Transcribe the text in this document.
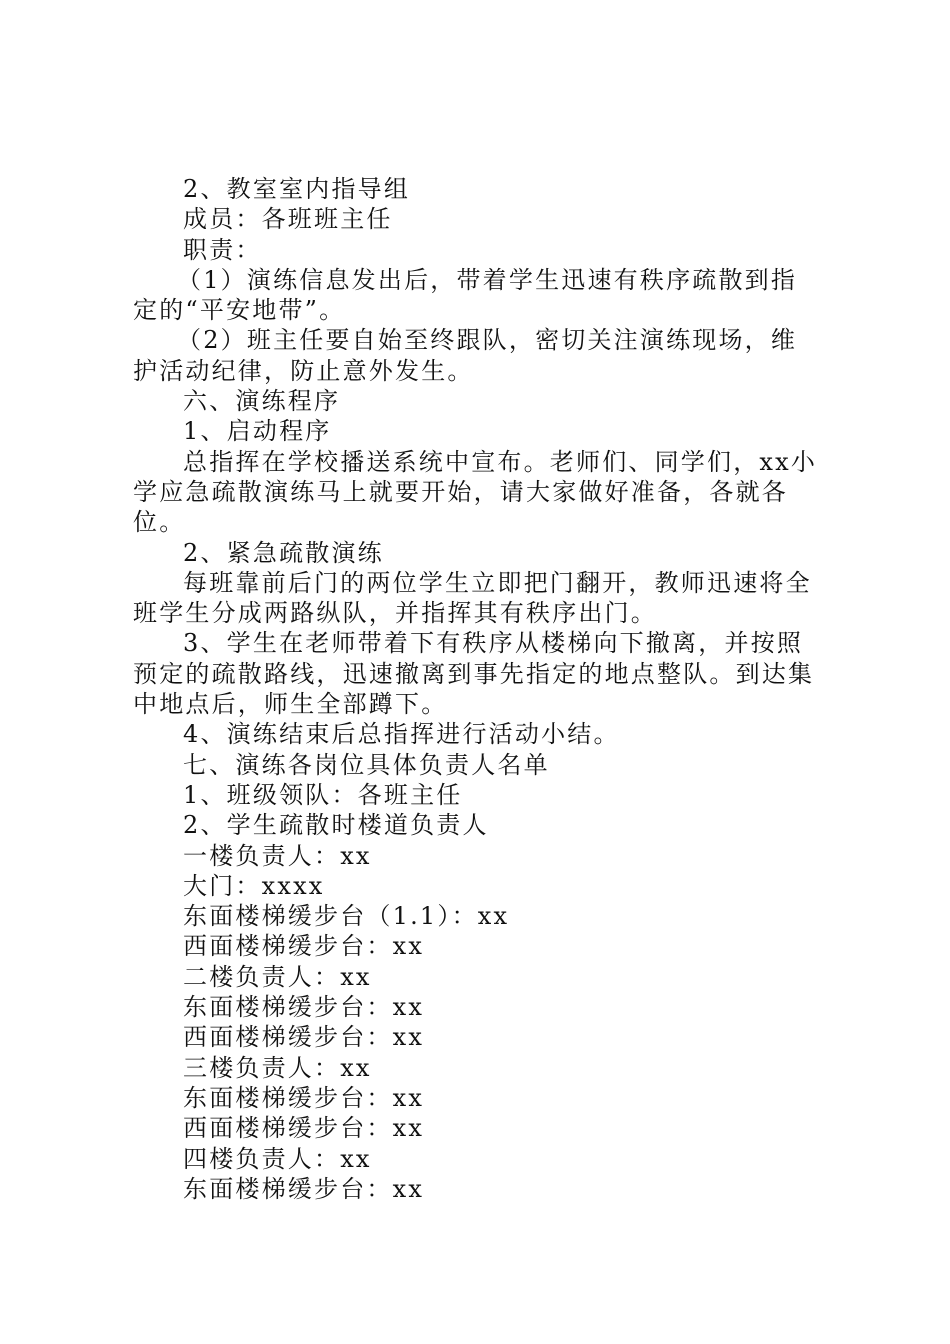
2、教室室内指导组

成员：各班班主任

职责：

（1）演练信息发出后，带着学生迅速有秩序疏散到指定的“平安地带”。

（2）班主任要自始至终跟队，密切关注演练现场，维护活动纪律，防止意外发生。

六、演练程序

1、启动程序

总指挥在学校播送系统中宣布。老师们、同学们，xx小学应急疏散演练马上就要开始，请大家做好准备，各就各位。

2、紧急疏散演练

每班靠前后门的两位学生立即把门翻开，教师迅速将全班学生分成两路纵队，并指挥其有秩序出门。

3、学生在老师带着下有秩序从楼梯向下撤离，并按照预定的疏散路线，迅速撤离到事先指定的地点整队。到达集中地点后，师生全部蹲下。

4、演练结束后总指挥进行活动小结。

七、演练各岗位具体负责人名单

1、班级领队：各班主任

2、学生疏散时楼道负责人

一楼负责人：xx

大门：xxxx

东面楼梯缓步台（1.1）：xx

西面楼梯缓步台：xx

二楼负责人：xx

东面楼梯缓步台：xx

西面楼梯缓步台：xx

三楼负责人：xx

东面楼梯缓步台：xx

西面楼梯缓步台：xx

四楼负责人：xx

东面楼梯缓步台：xx
